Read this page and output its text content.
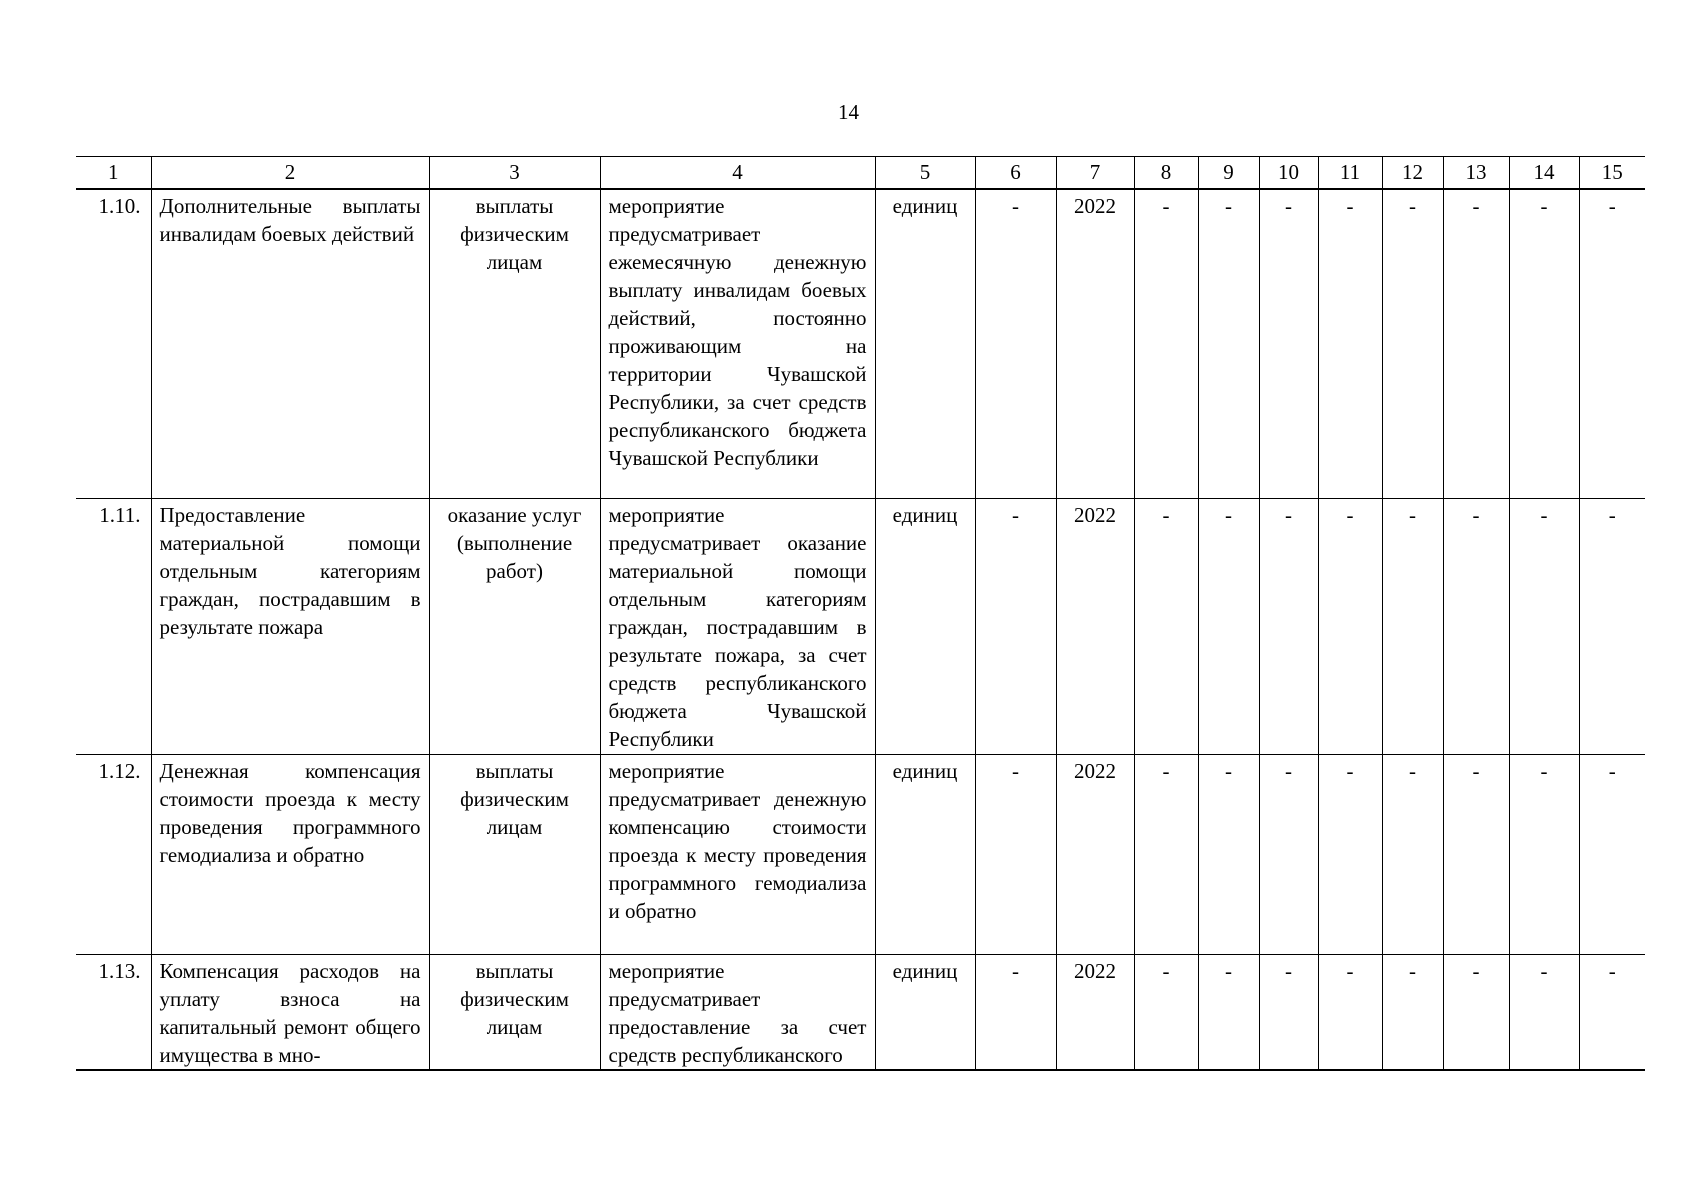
14
1	2	3	4	5	6	7	8	9	10	11	12	13	14	15
1.10.	Дополнительные выплаты инвалидам боевых действий	выплаты физическим лицам	мероприятие предусматривает ежемесячную денежную выплату инвалидам боевых действий, постоянно проживающим на территории Чувашской Республики, за счет средств республиканского бюджета Чувашской Республики	единиц	-	2022	-	-	-	-	-	-	-	-
1.11.	Предоставление материальной помощи отдельным категориям граждан, пострадавшим в результате пожара	оказание услуг (выполнение работ)	мероприятие предусматривает оказание материальной помощи отдельным категориям граждан, пострадавшим в результате пожара, за счет средств республиканского бюджета Чувашской Республики	единиц	-	2022	-	-	-	-	-	-	-	-
1.12.	Денежная компенсация стоимости проезда к месту проведения программного гемодиализа и обратно	выплаты физическим лицам	мероприятие предусматривает денежную компенсацию стоимости проезда к месту проведения программного гемодиализа и обратно	единиц	-	2022	-	-	-	-	-	-	-	-
1.13.	Компенсация расходов на уплату взноса на капитальный ремонт общего имущества в мно-	выплаты физическим лицам	мероприятие предусматривает предоставление за счет средств республиканского	единиц	-	2022	-	-	-	-	-	-	-	-
